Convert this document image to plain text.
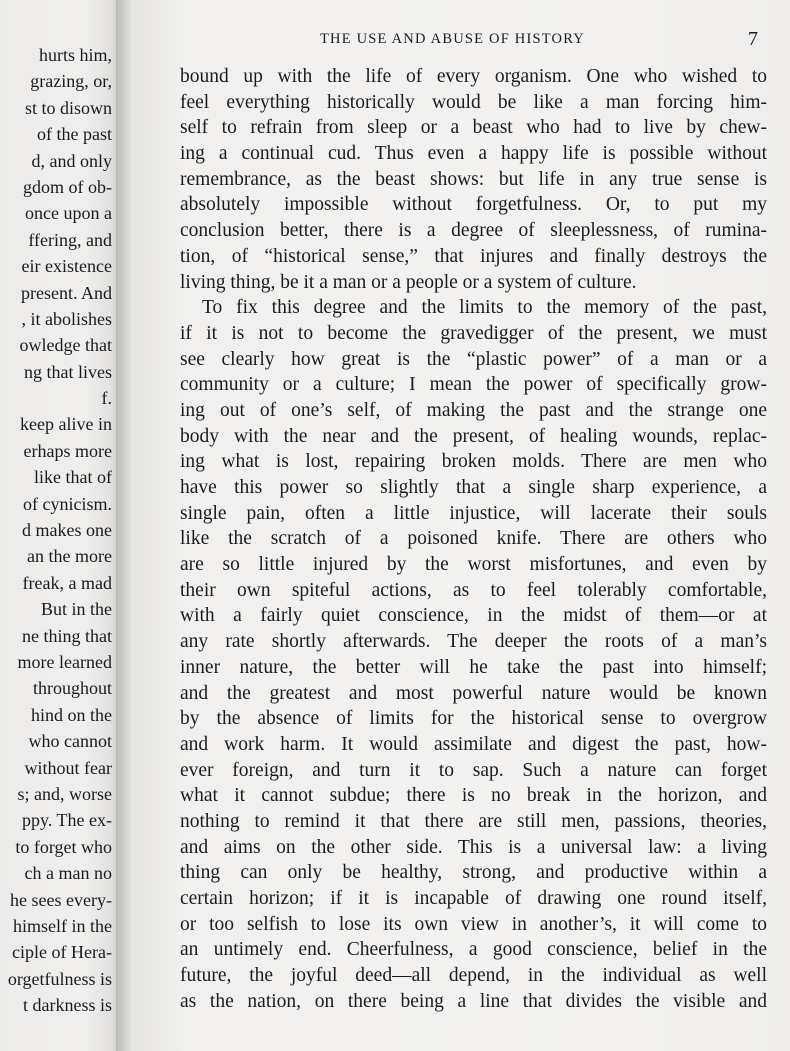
hurts him,
grazing, or,
st to disown
of the past
d, and only
gdom of ob-
once upon a
ffering, and
eir existence
present. And
, it abolishes
owledge that
ng that lives
f.
keep alive in
erhaps more
like that of
of cynicism.
d makes one
an the more
freak, a mad
But in the
ne thing that
more learned
throughout
hind on the
who cannot
without fear
s; and, worse
ppy. The ex-
to forget who
ch a man no
he sees every-
himself in the
ciple of Hera-
orgetfulness is
t darkness is
THE USE AND ABUSE OF HISTORY	7
bound up with the life of every organism. One who wished to
feel everything historically would be like a man forcing him-
self to refrain from sleep or a beast who had to live by chew-
ing a continual cud. Thus even a happy life is possible without
remembrance, as the beast shows: but life in any true sense is
absolutely impossible without forgetfulness. Or, to put my
conclusion better, there is a degree of sleeplessness, of rumina-
tion, of “historical sense,” that injures and finally destroys the
living thing, be it a man or a people or a system of culture.
To fix this degree and the limits to the memory of the past,
if it is not to become the gravedigger of the present, we must
see clearly how great is the “plastic power” of a man or a
community or a culture; I mean the power of specifically grow-
ing out of one’s self, of making the past and the strange one
body with the near and the present, of healing wounds, replac-
ing what is lost, repairing broken molds. There are men who
have this power so slightly that a single sharp experience, a
single pain, often a little injustice, will lacerate their souls
like the scratch of a poisoned knife. There are others who
are so little injured by the worst misfortunes, and even by
their own spiteful actions, as to feel tolerably comfortable,
with a fairly quiet conscience, in the midst of them—or at
any rate shortly afterwards. The deeper the roots of a man’s
inner nature, the better will he take the past into himself;
and the greatest and most powerful nature would be known
by the absence of limits for the historical sense to overgrow
and work harm. It would assimilate and digest the past, how-
ever foreign, and turn it to sap. Such a nature can forget
what it cannot subdue; there is no break in the horizon, and
nothing to remind it that there are still men, passions, theories,
and aims on the other side. This is a universal law: a living
thing can only be healthy, strong, and productive within a
certain horizon; if it is incapable of drawing one round itself,
or too selfish to lose its own view in another’s, it will come to
an untimely end. Cheerfulness, a good conscience, belief in the
future, the joyful deed—all depend, in the individual as well
as the nation, on there being a line that divides the visible and
